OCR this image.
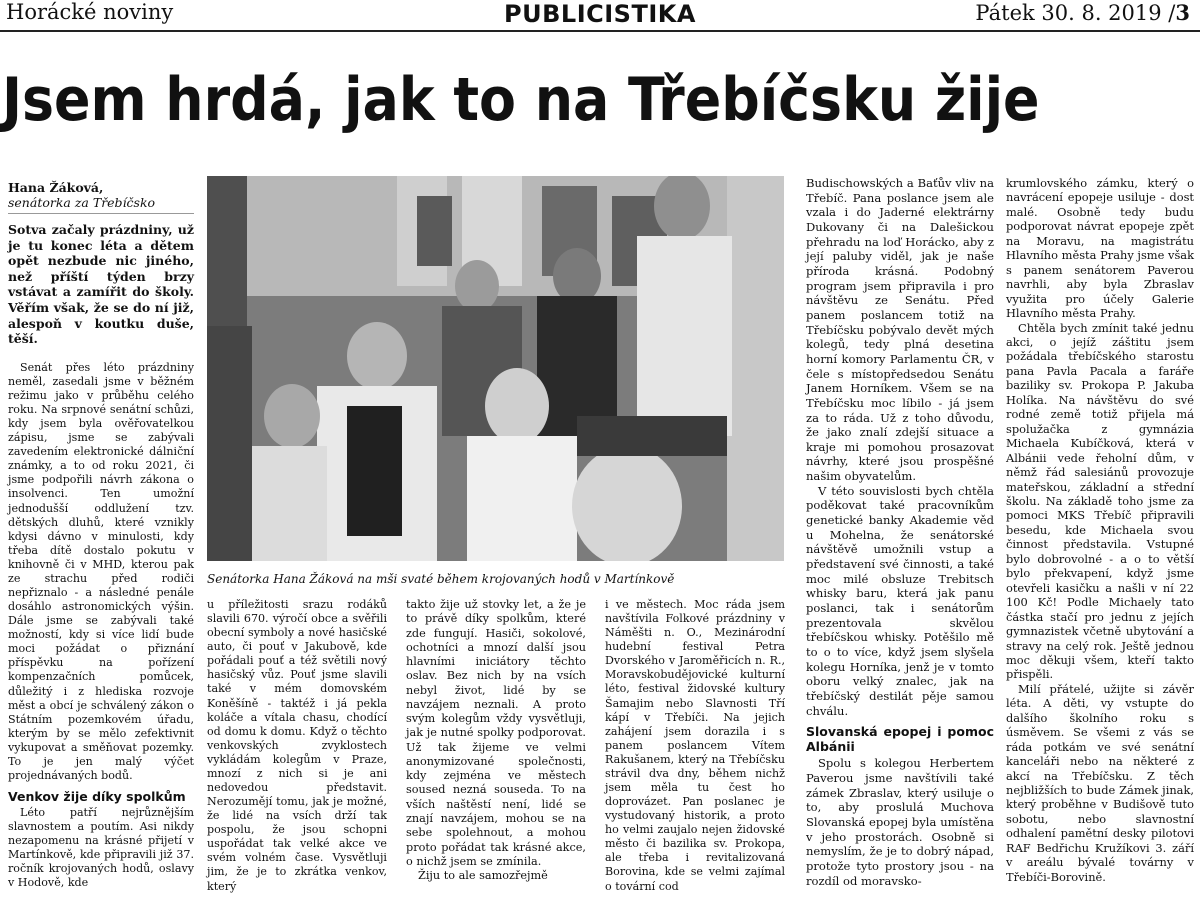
Horácké noviny	PUBLICISTIKA	Pátek 30. 8. 2019 /3
Jsem hrdá, jak to na Třebíčsku žije
Hana Žáková,
senátorka za Třebíčsko
Sotva začaly prázdniny, už je tu konec léta a dětem opět nezbude nic jiného, než příští týden brzy vstávat a zamířit do školy. Věřím však, že se do ní již, alespoň v koutku duše, těší.

Senát přes léto prázdniny neměl, zasedali jsme v běžném režimu jako v průběhu celého roku. Na srpnové senátní schůzi, kdy jsem byla ověřovatelkou zápisu, jsme se zabývali zavedením elektronické dálniční známky, a to od roku 2021, či jsme podpořili návrh zákona o insolvenci. Ten umožní jednodušší oddlužení tzv. dětských dluhů, které vznikly kdysi dávno v minulosti, kdy třeba dítě dostalo pokutu v knihovně či v MHD, kterou pak ze strachu před rodiči nepřiznalo - a následné penále dosáhlo astronomických výšin. Dále jsme se zabývali také možností, kdy si více lidí bude moci požádat o přiznání příspěvku na pořízení kompenzačních pomůcek, důležitý i z hlediska rozvoje měst a obcí je schválený zákon o Státním pozemkovém úřadu, kterým by se mělo zefektivnit vykupovat a směňovat pozemky. To je jen malý výčet projednávaných bodů.

Venkov žije díky spolkům

Léto patří nejrůznějším slavnostem a poutím. Asi nikdy nezapomenu na krásné přijetí v Martínkově, kde připravili již 37. ročník krojovaných hodů, oslavy v Hodově, kde

Senátorka Hana Žáková na mši svaté během krojovaných hodů v Martínkově

u příležitosti srazu rodáků slavili 670. výročí obce a svěřili obecní symboly a nové hasičské auto, či pouť v Jakubově, kde pořádali pouť a též světili nový hasičský vůz. Pouť jsme slavili také v mém domovském Koněšíně - taktéž i já pekla koláče a vítala chasu, chodící od domu k domu. Když o těchto venkovských zvyklostech vykládám kolegům v Praze, mnozí z nich si je ani nedovedou představit. Nerozumějí tomu, jak je možné, že lidé na vsích drží tak pospolu, že jsou schopni uspořádat tak velké akce ve svém volném čase. Vysvětluji jim, že je to zkrátka venkov, který

takto žije už stovky let, a že je to právě díky spolkům, které zde fungují. Hasiči, sokolové, ochotníci a mnozí další jsou hlavními iniciátory těchto oslav. Bez nich by na vsích nebyl život, lidé by se navzájem neznali. A proto svým kolegům vždy vysvětluji, jak je nutné spolky podporovat. Už tak žijeme ve velmi anonymizované společnosti, kdy zejména ve městech soused nezná souseda. To na vších naštěstí není, lidé se znají navzájem, mohou se na sebe spolehnout, a mohou proto pořádat tak krásné akce, o nichž jsem se zmínila.

Žiju to ale samozřejmě

i ve městech. Moc ráda jsem navštívila Folkové prázdniny v Náměšti n. O., Mezinárodní hudební festival Petra Dvorského v Jaroměřicích n. R., Moravskobudějovické kulturní léto, festival židovské kultury Šamajim nebo Slavnosti Tří kápí v Třebíči. Na jejich zahájení jsem dorazila i s panem poslancem Vítem Rakušanem, který na Třebíčsku strávil dva dny, během nichž jsem měla tu čest ho doprovázet. Pan poslanec je vystudovaný historik, a proto ho velmi zaujalo nejen židovské město či bazilika sv. Prokopa, ale třeba i revitalizovaná Borovina, kde se velmi zajímal o tovární cod

Budischowských a Baťův vliv na Třebíč. Pana poslance jsem ale vzala i do Jaderné elektrárny Dukovany či na Dalešickou přehradu na loď Horácko, aby z její paluby viděl, jak je naše příroda krásná. Podobný program jsem připravila i pro návštěvu ze Senátu. Před panem poslancem totiž na Třebíčsku pobývalo devět mých kolegů, tedy plná desetina horní komory Parlamentu ČR, v čele s místopředsedou Senátu Janem Horníkem. Všem se na Třebíčsku moc líbilo - já jsem za to ráda. Už z toho důvodu, že jako znalí zdejší situace a kraje mi pomohou prosazovat návrhy, které jsou prospěšné našim obyvatelům.

V této souvislosti bych chtěla poděkovat také pracovníkům genetické banky Akademie věd u Mohelna, že senátorské návštěvě umožnili vstup a představení své činnosti, a také moc milé obsluze Trebitsch whisky baru, která jak panu poslanci, tak i senátorům prezentovala skvělou třebíčskou whisky. Potěšilo mě to o to více, když jsem slyšela kolegu Horníka, jenž je v tomto oboru velký znalec, jak na třebíčský destilát pěje samou chválu.

Slovanská epopej i pomoc Albánii

Spolu s kolegou Herbertem Paverou jsme navštívili také zámek Zbraslav, který usiluje o to, aby proslulá Muchova Slovanská epopej byla umístěna v jeho prostorách. Osobně si nemyslím, že je to dobrý nápad, protože tyto prostory jsou - na rozdíl od moravsko-

krumlovského zámku, který o navrácení epopeje usiluje - dost malé. Osobně tedy budu podporovat návrat epopeje zpět na Moravu, na magistrátu Hlavního města Prahy jsme však s panem senátorem Paverou navrhli, aby byla Zbraslav využita pro účely Galerie Hlavního města Prahy.

Chtěla bych zmínit také jednu akci, o jejíž záštitu jsem požádala třebíčského starostu pana Pavla Pacala a faráře baziliky sv. Prokopa P. Jakuba Holíka. Na návštěvu do své rodné země totiž přijela má spolužačka z gymnázia Michaela Kubíčková, která v Albánii vede řeholní dům, v němž řád salesiánů provozuje mateřskou, základní a střední školu. Na základě toho jsme za pomoci MKS Třebíč připravili besedu, kde Michaela svou činnost představila. Vstupné bylo dobrovolné - a o to větší bylo překvapení, když jsme otevřeli kasičku a našli v ní 22 100 Kč! Podle Michaely tato částka stačí pro jednu z jejích gymnazistek včetně ubytování a stravy na celý rok. Ještě jednou moc děkuji všem, kteří takto přispěli.

Milí přátelé, užijte si závěr léta. A děti, vy vstupte do dalšího školního roku s úsměvem. Se všemi z vás se ráda potkám ve své senátní kanceláři nebo na některé z akcí na Třebíčsku. Z těch nejbližších to bude Zámek jinak, který proběhne v Budišově tuto sobotu, nebo slavnostní odhalení pamětní desky pilotovi RAF Bedřichu Kružíkovi 3. září v areálu bývalé továrny v Třebíči-Borovině.
